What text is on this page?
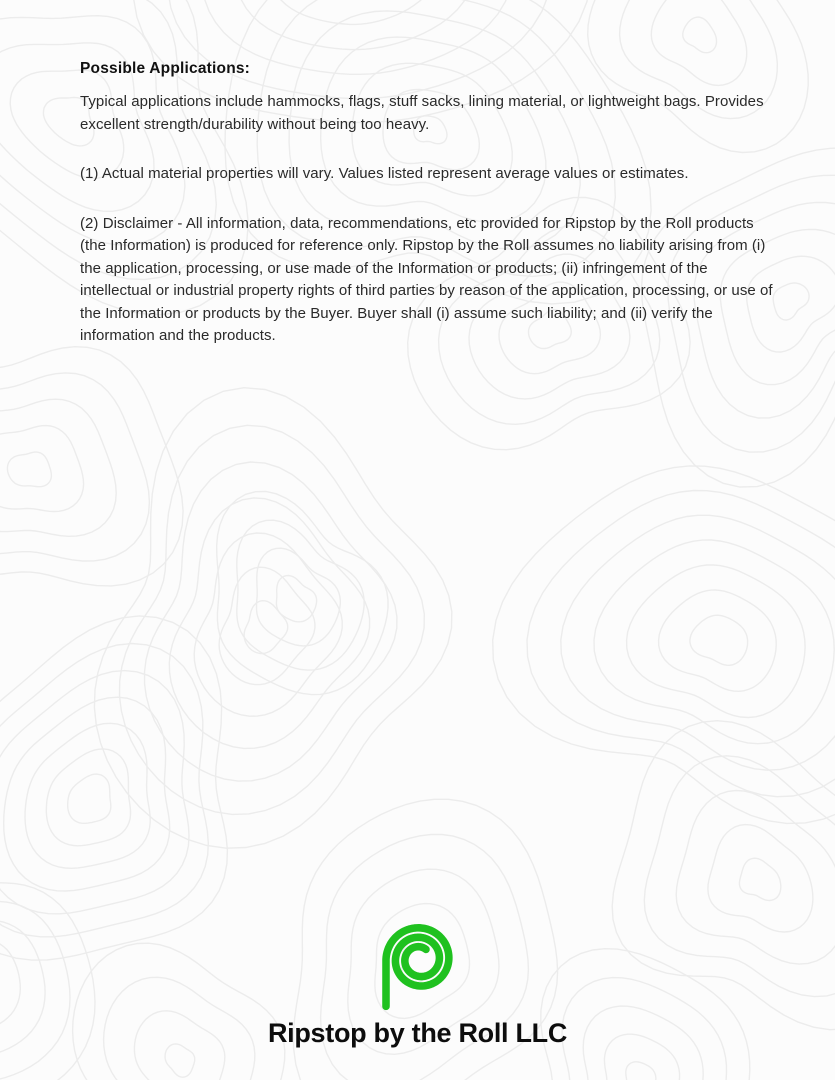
Possible Applications:

Typical applications include hammocks, flags, stuff sacks, lining material, or lightweight bags. Provides excellent strength/durability without being too heavy.

(1) Actual material properties will vary. Values listed represent average values or estimates.

(2) Disclaimer - All information, data, recommendations, etc provided for Ripstop by the Roll products (the Information) is produced for reference only. Ripstop by the Roll assumes no liability arising from (i) the application, processing, or use made of the Information or products; (ii) infringement of the intellectual or industrial property rights of third parties by reason of the application, processing, or use of the Information or products by the Buyer. Buyer shall (i) assume such liability; and (ii) verify the information and the products.

Ripstop by the Roll LLC
